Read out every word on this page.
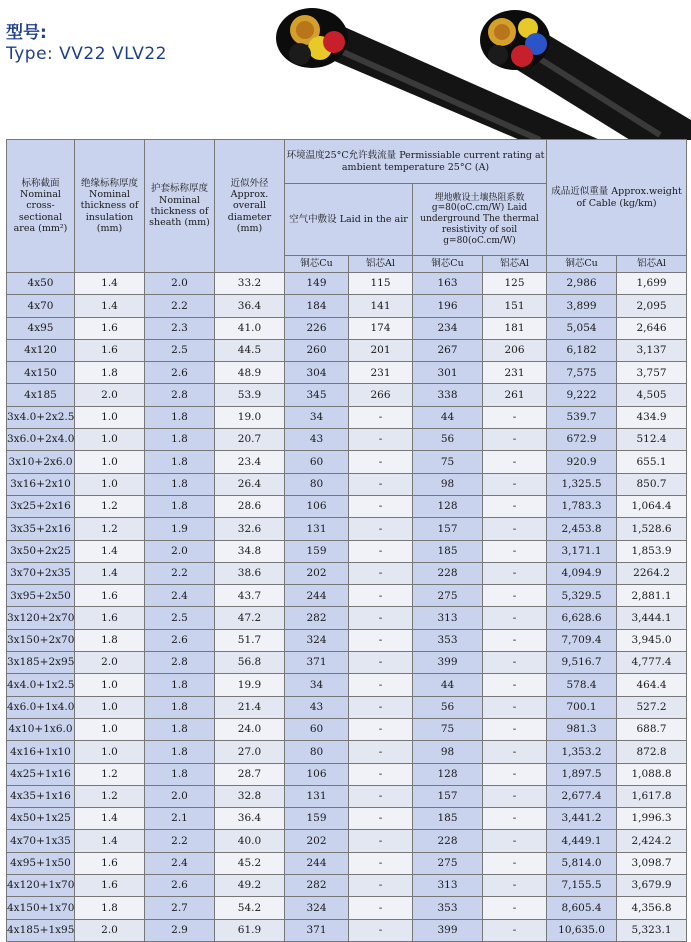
型号:
Type: VV22 VLV22
标称截面 Nominal cross-sectional area (mm²)	绝缘标称厚度 Nominal thickness of insulation (mm)	护套标称厚度 Nominal thickness of sheath (mm)	近似外径 Approx. overall diameter (mm)	环境温度25°C允许载流量 Permissiable current rating at ambient temperature 25°C (A)				成品近似重量 Approx.weight of Cable (kg/km)	
				空气中敷设 Laid in the air		埋地敷设土壤热阻系数 g=80(oC.cm/W) Laid underground The thermal resistivity of soil g=80(oC.cm/W)			
				铜芯Cu	铝芯Al	铜芯Cu	铝芯Al	铜芯Cu	铝芯Al
4x50	1.4	2.0	33.2	149	115	163	125	2,986	1,699
4x70	1.4	2.2	36.4	184	141	196	151	3,899	2,095
4x95	1.6	2.3	41.0	226	174	234	181	5,054	2,646
4x120	1.6	2.5	44.5	260	201	267	206	6,182	3,137
4x150	1.8	2.6	48.9	304	231	301	231	7,575	3,757
4x185	2.0	2.8	53.9	345	266	338	261	9,222	4,505
3x4.0+2x2.5	1.0	1.8	19.0	34	-	44	-	539.7	434.9
3x6.0+2x4.0	1.0	1.8	20.7	43	-	56	-	672.9	512.4
3x10+2x6.0	1.0	1.8	23.4	60	-	75	-	920.9	655.1
3x16+2x10	1.0	1.8	26.4	80	-	98	-	1,325.5	850.7
3x25+2x16	1.2	1.8	28.6	106	-	128	-	1,783.3	1,064.4
3x35+2x16	1.2	1.9	32.6	131	-	157	-	2,453.8	1,528.6
3x50+2x25	1.4	2.0	34.8	159	-	185	-	3,171.1	1,853.9
3x70+2x35	1.4	2.2	38.6	202	-	228	-	4,094.9	2264.2
3x95+2x50	1.6	2.4	43.7	244	-	275	-	5,329.5	2,881.1
3x120+2x70	1.6	2.5	47.2	282	-	313	-	6,628.6	3,444.1
3x150+2x70	1.8	2.6	51.7	324	-	353	-	7,709.4	3,945.0
3x185+2x95	2.0	2.8	56.8	371	-	399	-	9,516.7	4,777.4
4x4.0+1x2.5	1.0	1.8	19.9	34	-	44	-	578.4	464.4
4x6.0+1x4.0	1.0	1.8	21.4	43	-	56	-	700.1	527.2
4x10+1x6.0	1.0	1.8	24.0	60	-	75	-	981.3	688.7
4x16+1x10	1.0	1.8	27.0	80	-	98	-	1,353.2	872.8
4x25+1x16	1.2	1.8	28.7	106	-	128	-	1,897.5	1,088.8
4x35+1x16	1.2	2.0	32.8	131	-	157	-	2,677.4	1,617.8
4x50+1x25	1.4	2.1	36.4	159	-	185	-	3,441.2	1,996.3
4x70+1x35	1.4	2.2	40.0	202	-	228	-	4,449.1	2,424.2
4x95+1x50	1.6	2.4	45.2	244	-	275	-	5,814.0	3,098.7
4x120+1x70	1.6	2.6	49.2	282	-	313	-	7,155.5	3,679.9
4x150+1x70	1.8	2.7	54.2	324	-	353	-	8,605.4	4,356.8
4x185+1x95	2.0	2.9	61.9	371	-	399	-	10,635.0	5,323.1
